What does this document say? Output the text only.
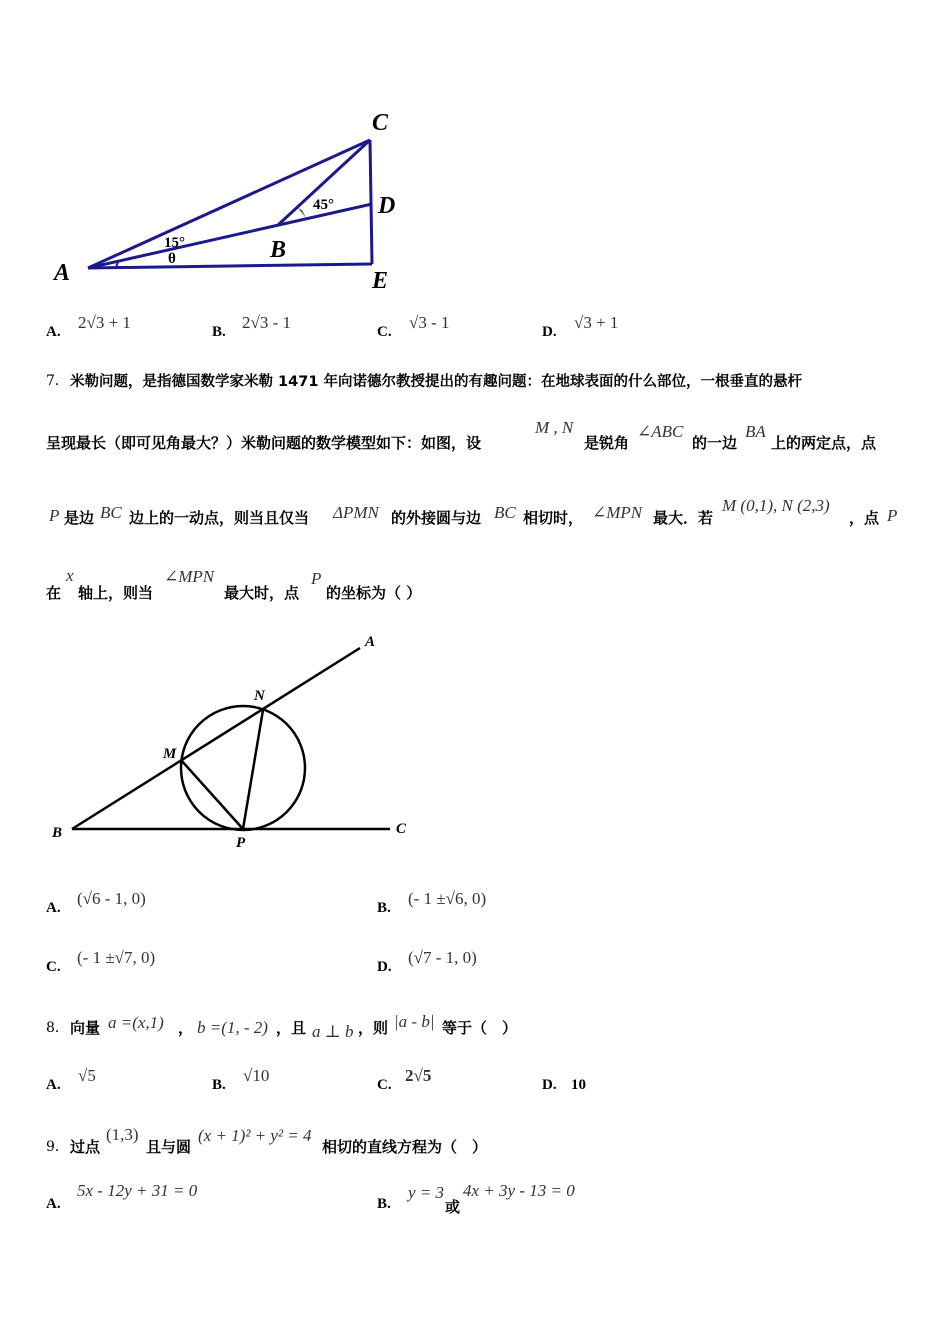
C
D
A
B
E
45°
15°
θ
A. 2√3 + 1	B. 2√3 - 1	C. √3 - 1	D. √3 + 1
7． 米勒问题，是指德国数学家米勒 1471 年向诺德尔教授提出的有趣问题：在地球表面的什么部位，一根垂直的悬杆
呈现最长（即可见角最大？）米勒问题的数学模型如下：如图，设
M , N
是锐角
∠ABC
的一边
BA
上的两定点，点
P 是边 BC 边上的一动点，则当且仅当 ΔPMN 的外接圆与边 BC 相切时， ∠MPN 最大．若
M (0,1), N (2,3)
，点 P
在
x
轴上，则当
∠MPN
最大时，点
P
的坐标为（ ）
A
N
M
B
P
C
A. (√6 - 1, 0)	B. (- 1 ±√6, 0)
C. (- 1 ±√7, 0)	D. (√7 - 1, 0)
8． 向量 a =(x,1) ， b =(1, - 2) ，且 a ⊥ b ，则 |a - b| 等于（　）
A. √5	B. √10	C. 2√5	D. 10
9． 过点
(1,3)
且与圆
(x + 1)² + y² = 4
相切的直线方程为（　）
A.
5x - 12y + 31 = 0
B.
y = 3
或
4x + 3y - 13 = 0
